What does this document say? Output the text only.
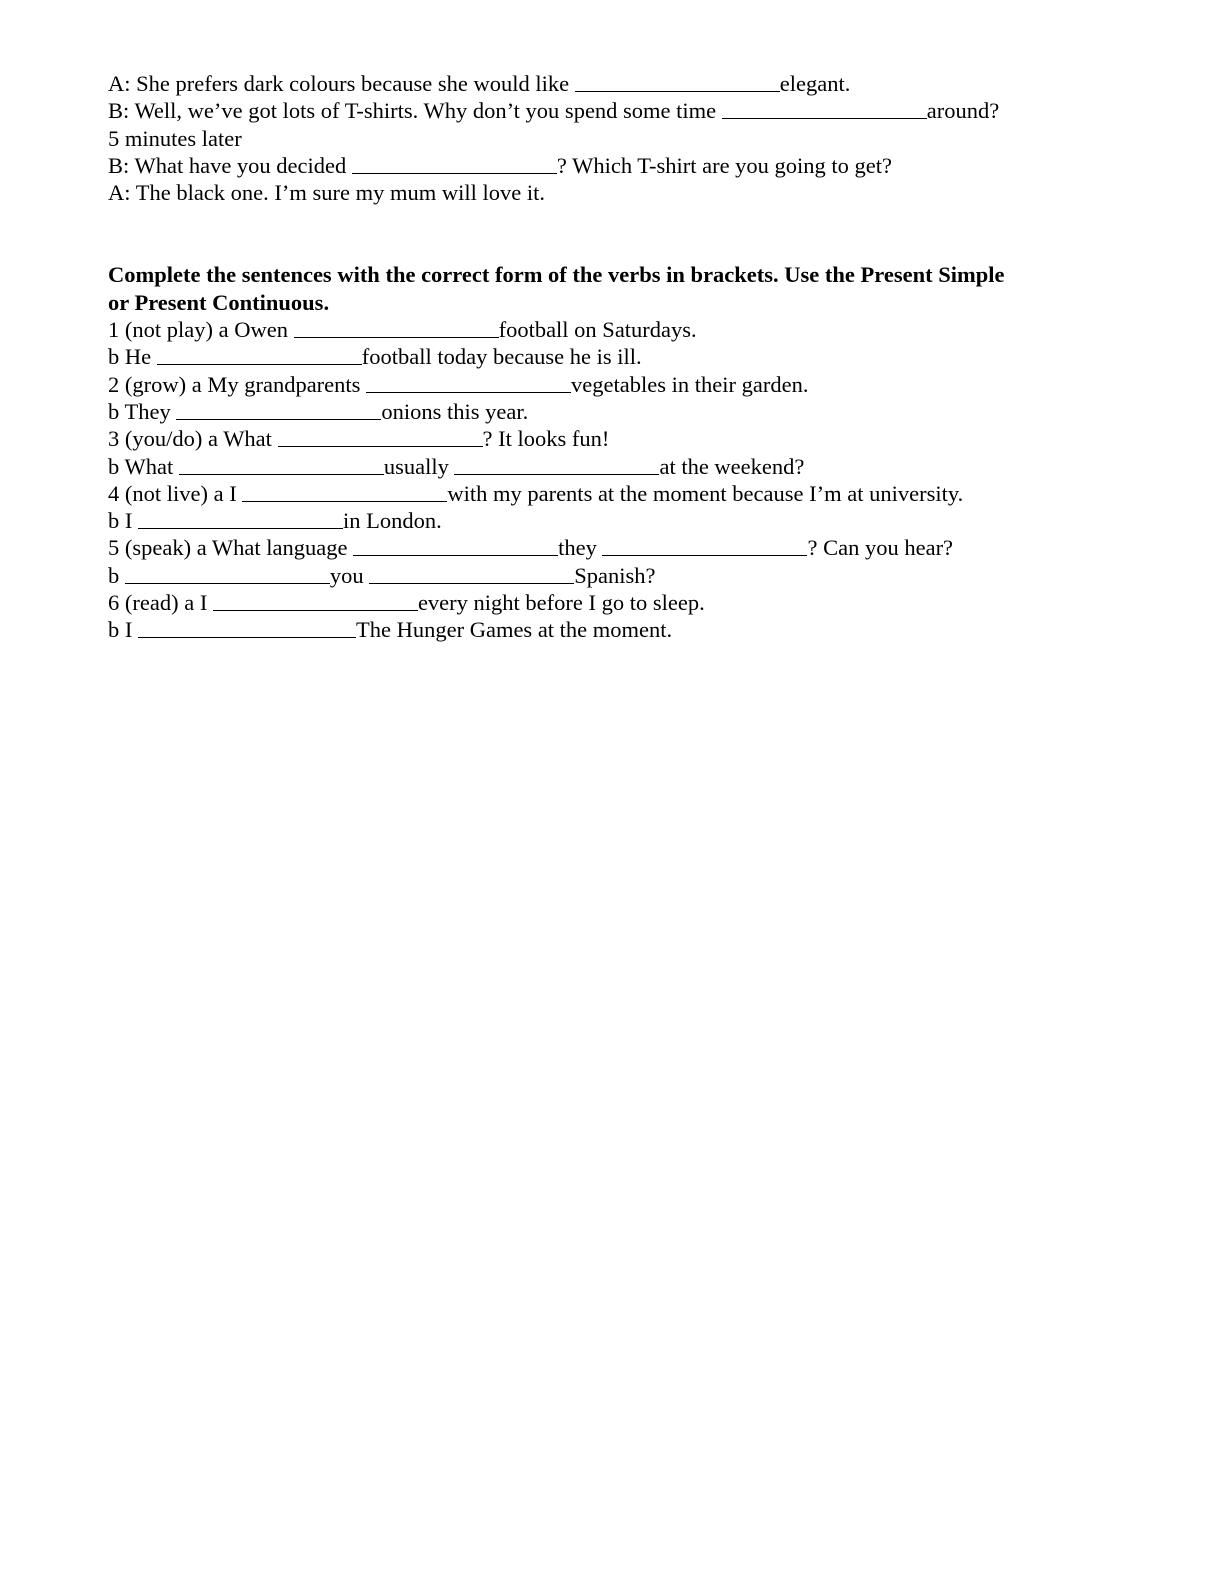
A: She prefers dark colours because she would like	elegant.
B: Well, we’ve got lots of T-shirts. Why don’t you spend some time	around?
5 minutes later
B: What have you decided	? Which T-shirt are you going to get?
A: The black one. I’m sure my mum will love it.
Complete the sentences with the correct form of the verbs in brackets. Use the Present Simple or Present Continuous.
1 (not play) a Owen	football on Saturdays.
b He	football today because he is ill.
2 (grow) a My grandparents	vegetables in their garden.
b They	onions this year.
3 (you/do) a What	? It looks fun!
b What	usually	at the weekend?
4 (not live) a I	with my parents at the moment because I’m at university.
b I	in London.
5 (speak) a What language	they	? Can you hear?
b	you	Spanish?
6 (read) a I	every night before I go to sleep.
b I	The Hunger Games at the moment.
